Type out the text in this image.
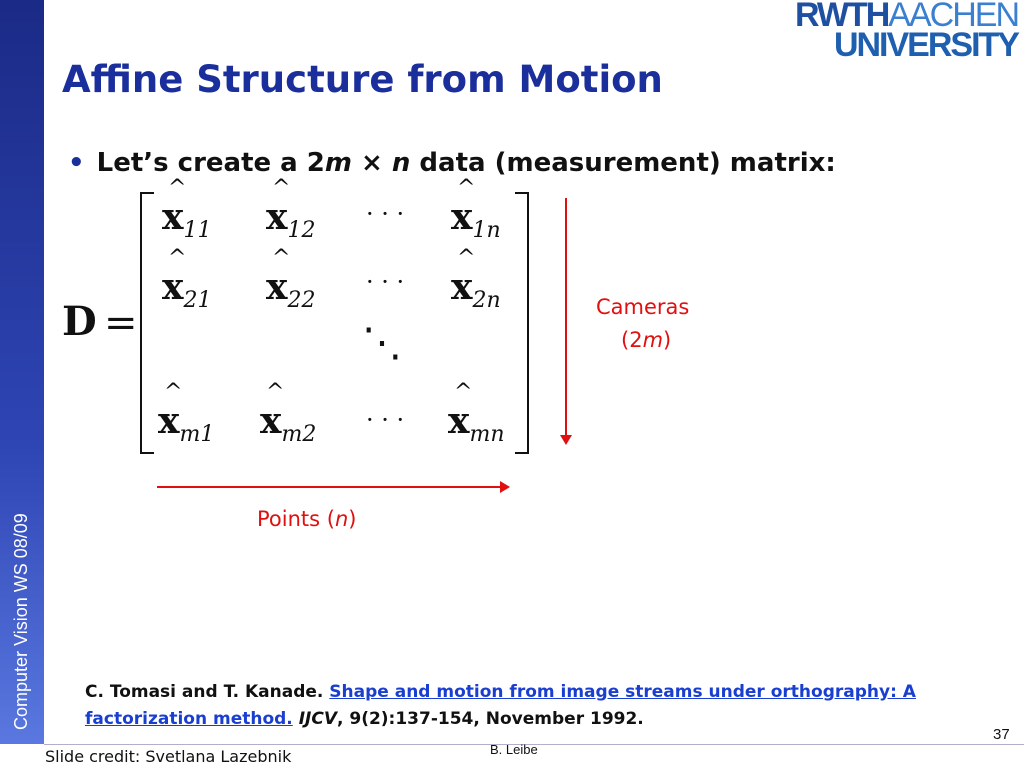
Computer Vision WS 08/09
RWTHAACHEN
UNIVERSITY
Affine Structure from Motion
• Let’s create a 2m × n data (measurement) matrix:
D =
^ $x_{11}$ ^ $x_{12}$
· · · ^ $x_{1n}$
^ $x_{21}$ ^ $x_{22}$
· · · ^ $x_{2n}$
⋱
^ $x_{m1}$ ^ $x_{m2}$
· · · ^ $x_{mn}$
Cameras
(2m)
Points (n)
C. Tomasi and T. Kanade. Shape and motion from image streams under orthography: A factorization method. IJCV, 9(2):137-154, November 1992.
37
Slide credit: Svetlana Lazebnik	B. Leibe
